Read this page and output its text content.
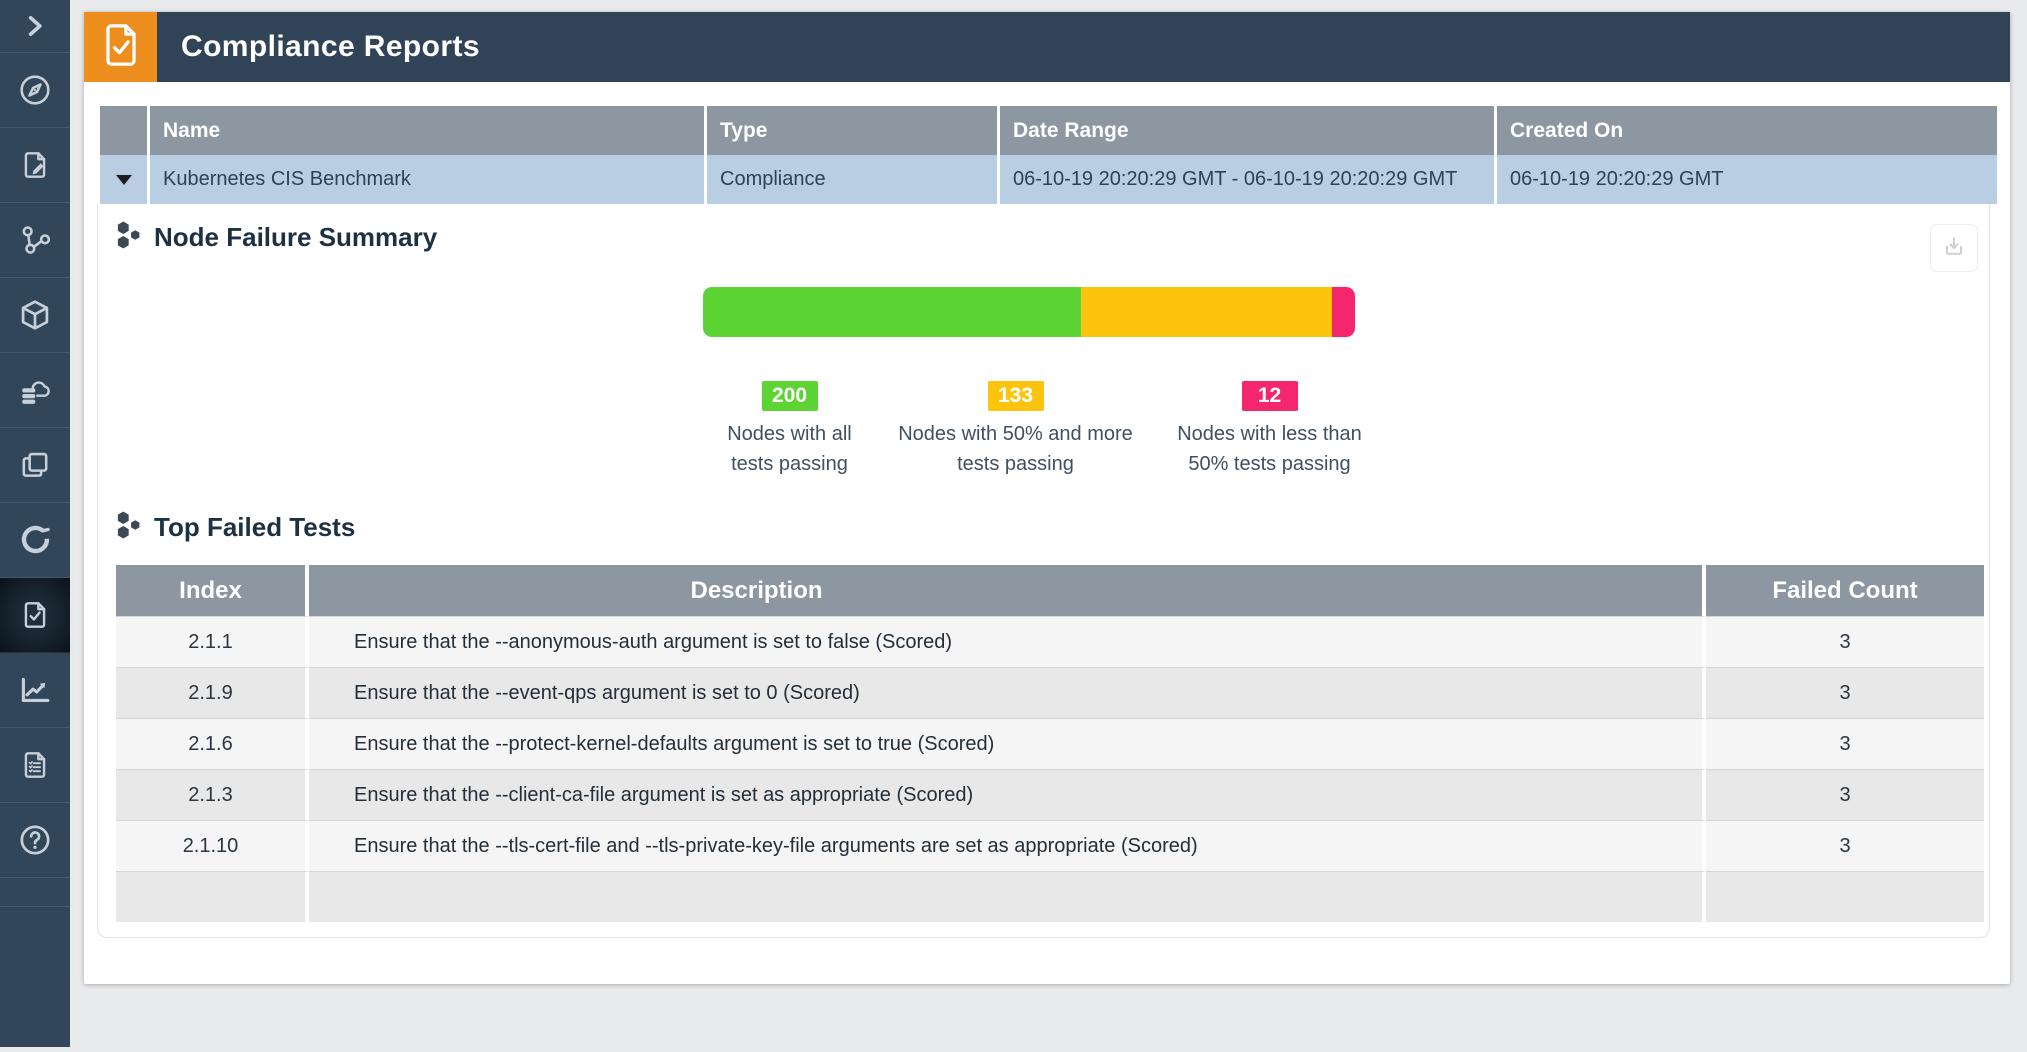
Compliance Reports
Name	Type	Date Range	Created On
Kubernetes CIS Benchmark	Compliance	06-10-19 20:20:29 GMT - 06-10-19 20:20:29 GMT	06-10-19 20:20:29 GMT
Node Failure Summary
200
Nodes with all tests passing
133
Nodes with 50% and more tests passing
12
Nodes with less than 50% tests passing
Top Failed Tests
Index	Description	Failed Count
2.1.1	Ensure that the --anonymous-auth argument is set to false (Scored)	3
2.1.9	Ensure that the --event-qps argument is set to 0 (Scored)	3
2.1.6	Ensure that the --protect-kernel-defaults argument is set to true (Scored)	3
2.1.3	Ensure that the --client-ca-file argument is set as appropriate (Scored)	3
2.1.10	Ensure that the --tls-cert-file and --tls-private-key-file arguments are set as appropriate (Scored)	3
